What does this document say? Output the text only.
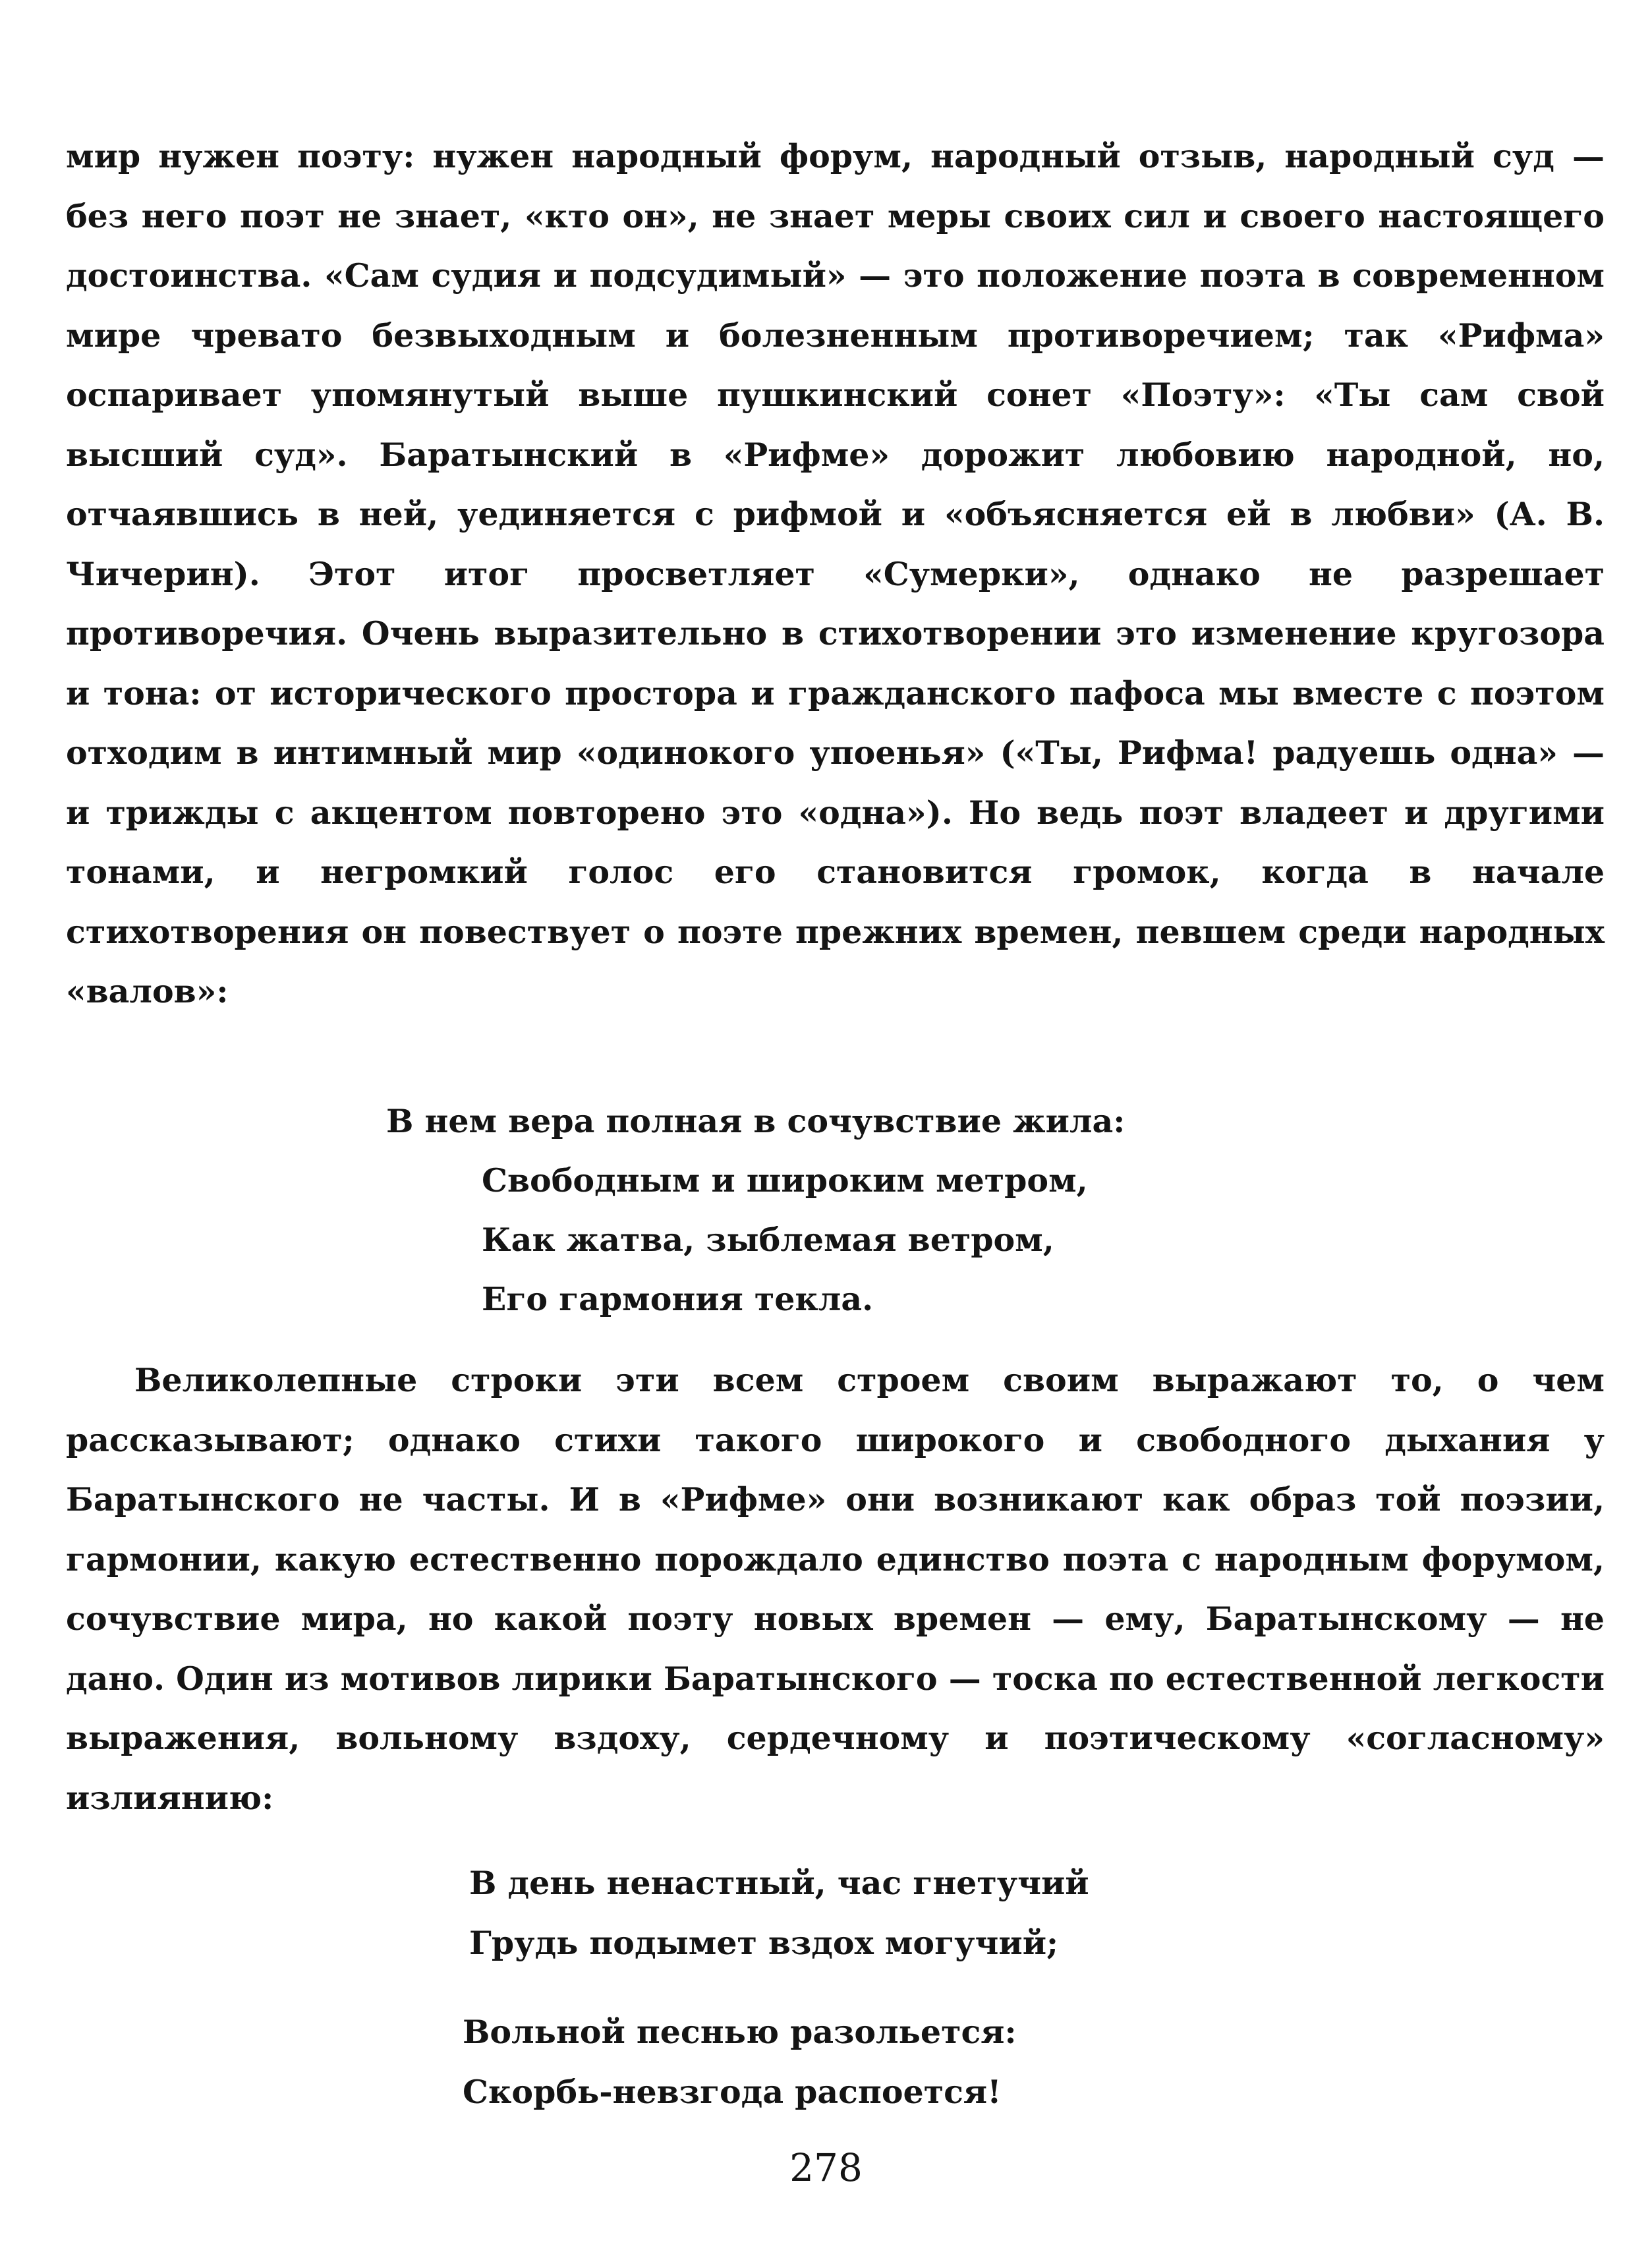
мир нужен поэту: нужен народный форум, народный отзыв, народный суд — без него поэт не знает, «кто он», не знает меры своих сил и своего настоящего достоинства. «Сам судия и подсудимый» — это положение поэта в современном мире чревато безвыходным и болезненным противоречием; так «Рифма» оспаривает упомянутый выше пушкинский сонет «Поэту»: «Ты сам свой высший суд». Баратынский в «Рифме» дорожит любовию народной, но, отчаявшись в ней, уединяется с рифмой и «объясняется ей в любви» (А. В. Чичерин). Этот итог просветляет «Сумерки», однако не разрешает противоречия. Очень выразительно в стихотворении это изменение кругозора и тона: от исторического простора и гражданского пафоса мы вместе с поэтом отходим в интимный мир «одинокого упоенья» («Ты, Рифма! радуешь одна» — и трижды с акцентом повторено это «одна»). Но ведь поэт владеет и другими тонами, и негромкий голос его становится громок, когда в начале стихотворения он повествует о поэте прежних времен, певшем среди народных «валов»:
В нем вера полная в сочувствие жила:
Свободным и широким метром,
Как жатва, зыблемая ветром,
Его гармония текла.
Великолепные строки эти всем строем своим выражают то, о чем рассказывают; однако стихи такого широкого и свободного дыхания у Баратынского не часты. И в «Рифме» они возникают как образ той поэзии, гармонии, какую естественно порождало единство поэта с народным форумом, сочувствие мира, но какой поэту новых времен — ему, Баратынскому — не дано. Один из мотивов лирики Баратынского — тоска по естественной легкости выражения, вольному вздоху, сердечному и поэтическому «согласному» излиянию:
В день ненастный, час гнетучий
Грудь подымет вздох могучий;
Вольной песнью разольется:
Скорбь-невзгода распоется!
278
